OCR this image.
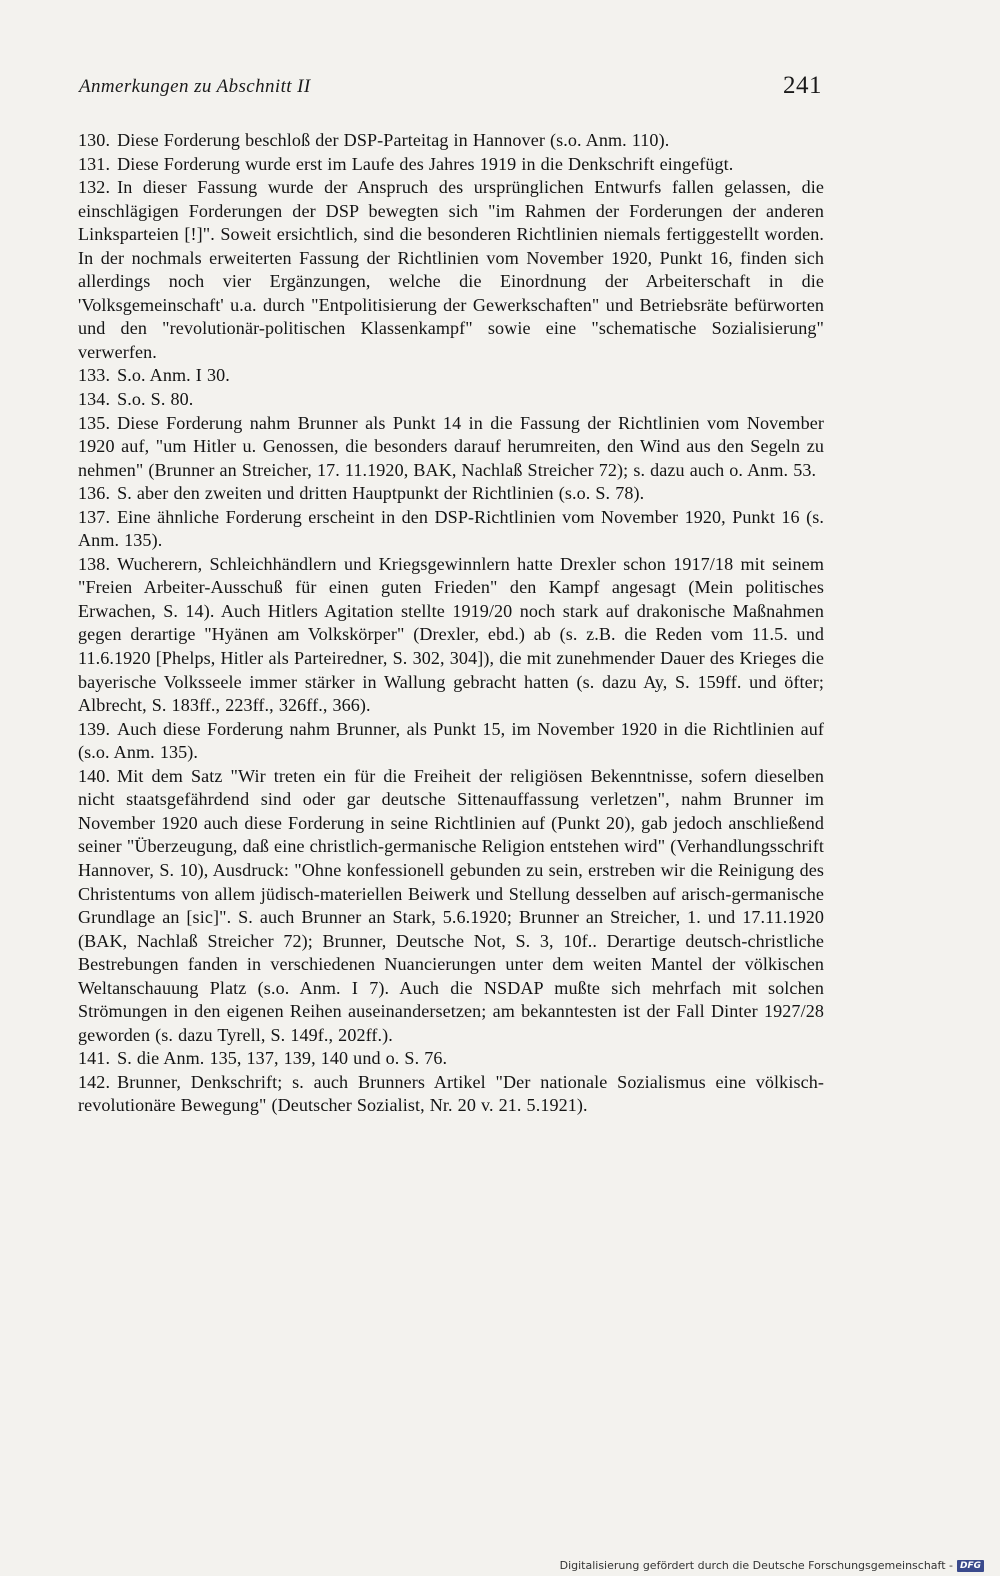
Anmerkungen zu Abschnitt II	241

130. Diese Forderung beschloß der DSP-Parteitag in Hannover (s.o. Anm. 110).

131. Diese Forderung wurde erst im Laufe des Jahres 1919 in die Denkschrift eingefügt.

132. In dieser Fassung wurde der Anspruch des ursprünglichen Entwurfs fallen gelassen, die einschlägigen Forderungen der DSP bewegten sich "im Rahmen der Forderungen der anderen Linksparteien [!]". Soweit ersichtlich, sind die besonderen Richtlinien niemals fertiggestellt worden. In der nochmals erweiterten Fassung der Richtlinien vom November 1920, Punkt 16, finden sich allerdings noch vier Ergänzungen, welche die Einordnung der Arbeiterschaft in die 'Volksgemeinschaft' u.a. durch "Entpolitisierung der Gewerkschaften" und Betriebsräte befürworten und den "revolutionär-politischen Klassenkampf" sowie eine "schematische Sozialisierung" verwerfen.

133. S.o. Anm. I 30.

134. S.o. S. 80.

135. Diese Forderung nahm Brunner als Punkt 14 in die Fassung der Richtlinien vom November 1920 auf, "um Hitler u. Genossen, die besonders darauf herumreiten, den Wind aus den Segeln zu nehmen" (Brunner an Streicher, 17. 11.1920, BAK, Nachlaß Streicher 72); s. dazu auch o. Anm. 53.

136. S. aber den zweiten und dritten Hauptpunkt der Richtlinien (s.o. S. 78).

137. Eine ähnliche Forderung erscheint in den DSP-Richtlinien vom November 1920, Punkt 16 (s. Anm. 135).

138. Wucherern, Schleichhändlern und Kriegsgewinnlern hatte Drexler schon 1917/18 mit seinem "Freien Arbeiter-Ausschuß für einen guten Frieden" den Kampf angesagt (Mein politisches Erwachen, S. 14). Auch Hitlers Agitation stellte 1919/20 noch stark auf drakonische Maßnahmen gegen derartige "Hyänen am Volkskörper" (Drexler, ebd.) ab (s. z.B. die Reden vom 11.5. und 11.6.1920 [Phelps, Hitler als Parteiredner, S. 302, 304]), die mit zunehmender Dauer des Krieges die bayerische Volksseele immer stärker in Wallung gebracht hatten (s. dazu Ay, S. 159ff. und öfter; Albrecht, S. 183ff., 223ff., 326ff., 366).

139. Auch diese Forderung nahm Brunner, als Punkt 15, im November 1920 in die Richtlinien auf (s.o. Anm. 135).

140. Mit dem Satz "Wir treten ein für die Freiheit der religiösen Bekenntnisse, sofern dieselben nicht staatsgefährdend sind oder gar deutsche Sittenauffassung verletzen", nahm Brunner im November 1920 auch diese Forderung in seine Richtlinien auf (Punkt 20), gab jedoch anschließend seiner "Überzeugung, daß eine christlich-germanische Religion entstehen wird" (Verhandlungsschrift Hannover, S. 10), Ausdruck: "Ohne konfessionell gebunden zu sein, erstreben wir die Reinigung des Christentums von allem jüdisch-materiellen Beiwerk und Stellung desselben auf arisch-germanische Grundlage an [sic]". S. auch Brunner an Stark, 5.6.1920; Brunner an Streicher, 1. und 17.11.1920 (BAK, Nachlaß Streicher 72); Brunner, Deutsche Not, S. 3, 10f.. Derartige deutsch-christliche Bestrebungen fanden in verschiedenen Nuancierungen unter dem weiten Mantel der völkischen Weltanschauung Platz (s.o. Anm. I 7). Auch die NSDAP mußte sich mehrfach mit solchen Strömungen in den eigenen Reihen auseinandersetzen; am bekanntesten ist der Fall Dinter 1927/28 geworden (s. dazu Tyrell, S. 149f., 202ff.).

141. S. die Anm. 135, 137, 139, 140 und o. S. 76.

142. Brunner, Denkschrift; s. auch Brunners Artikel "Der nationale Sozialismus eine völkisch-revolutionäre Bewegung" (Deutscher Sozialist, Nr. 20 v. 21. 5.1921).

Digitalisierung gefördert durch die Deutsche Forschungsgemeinschaft - DFG
